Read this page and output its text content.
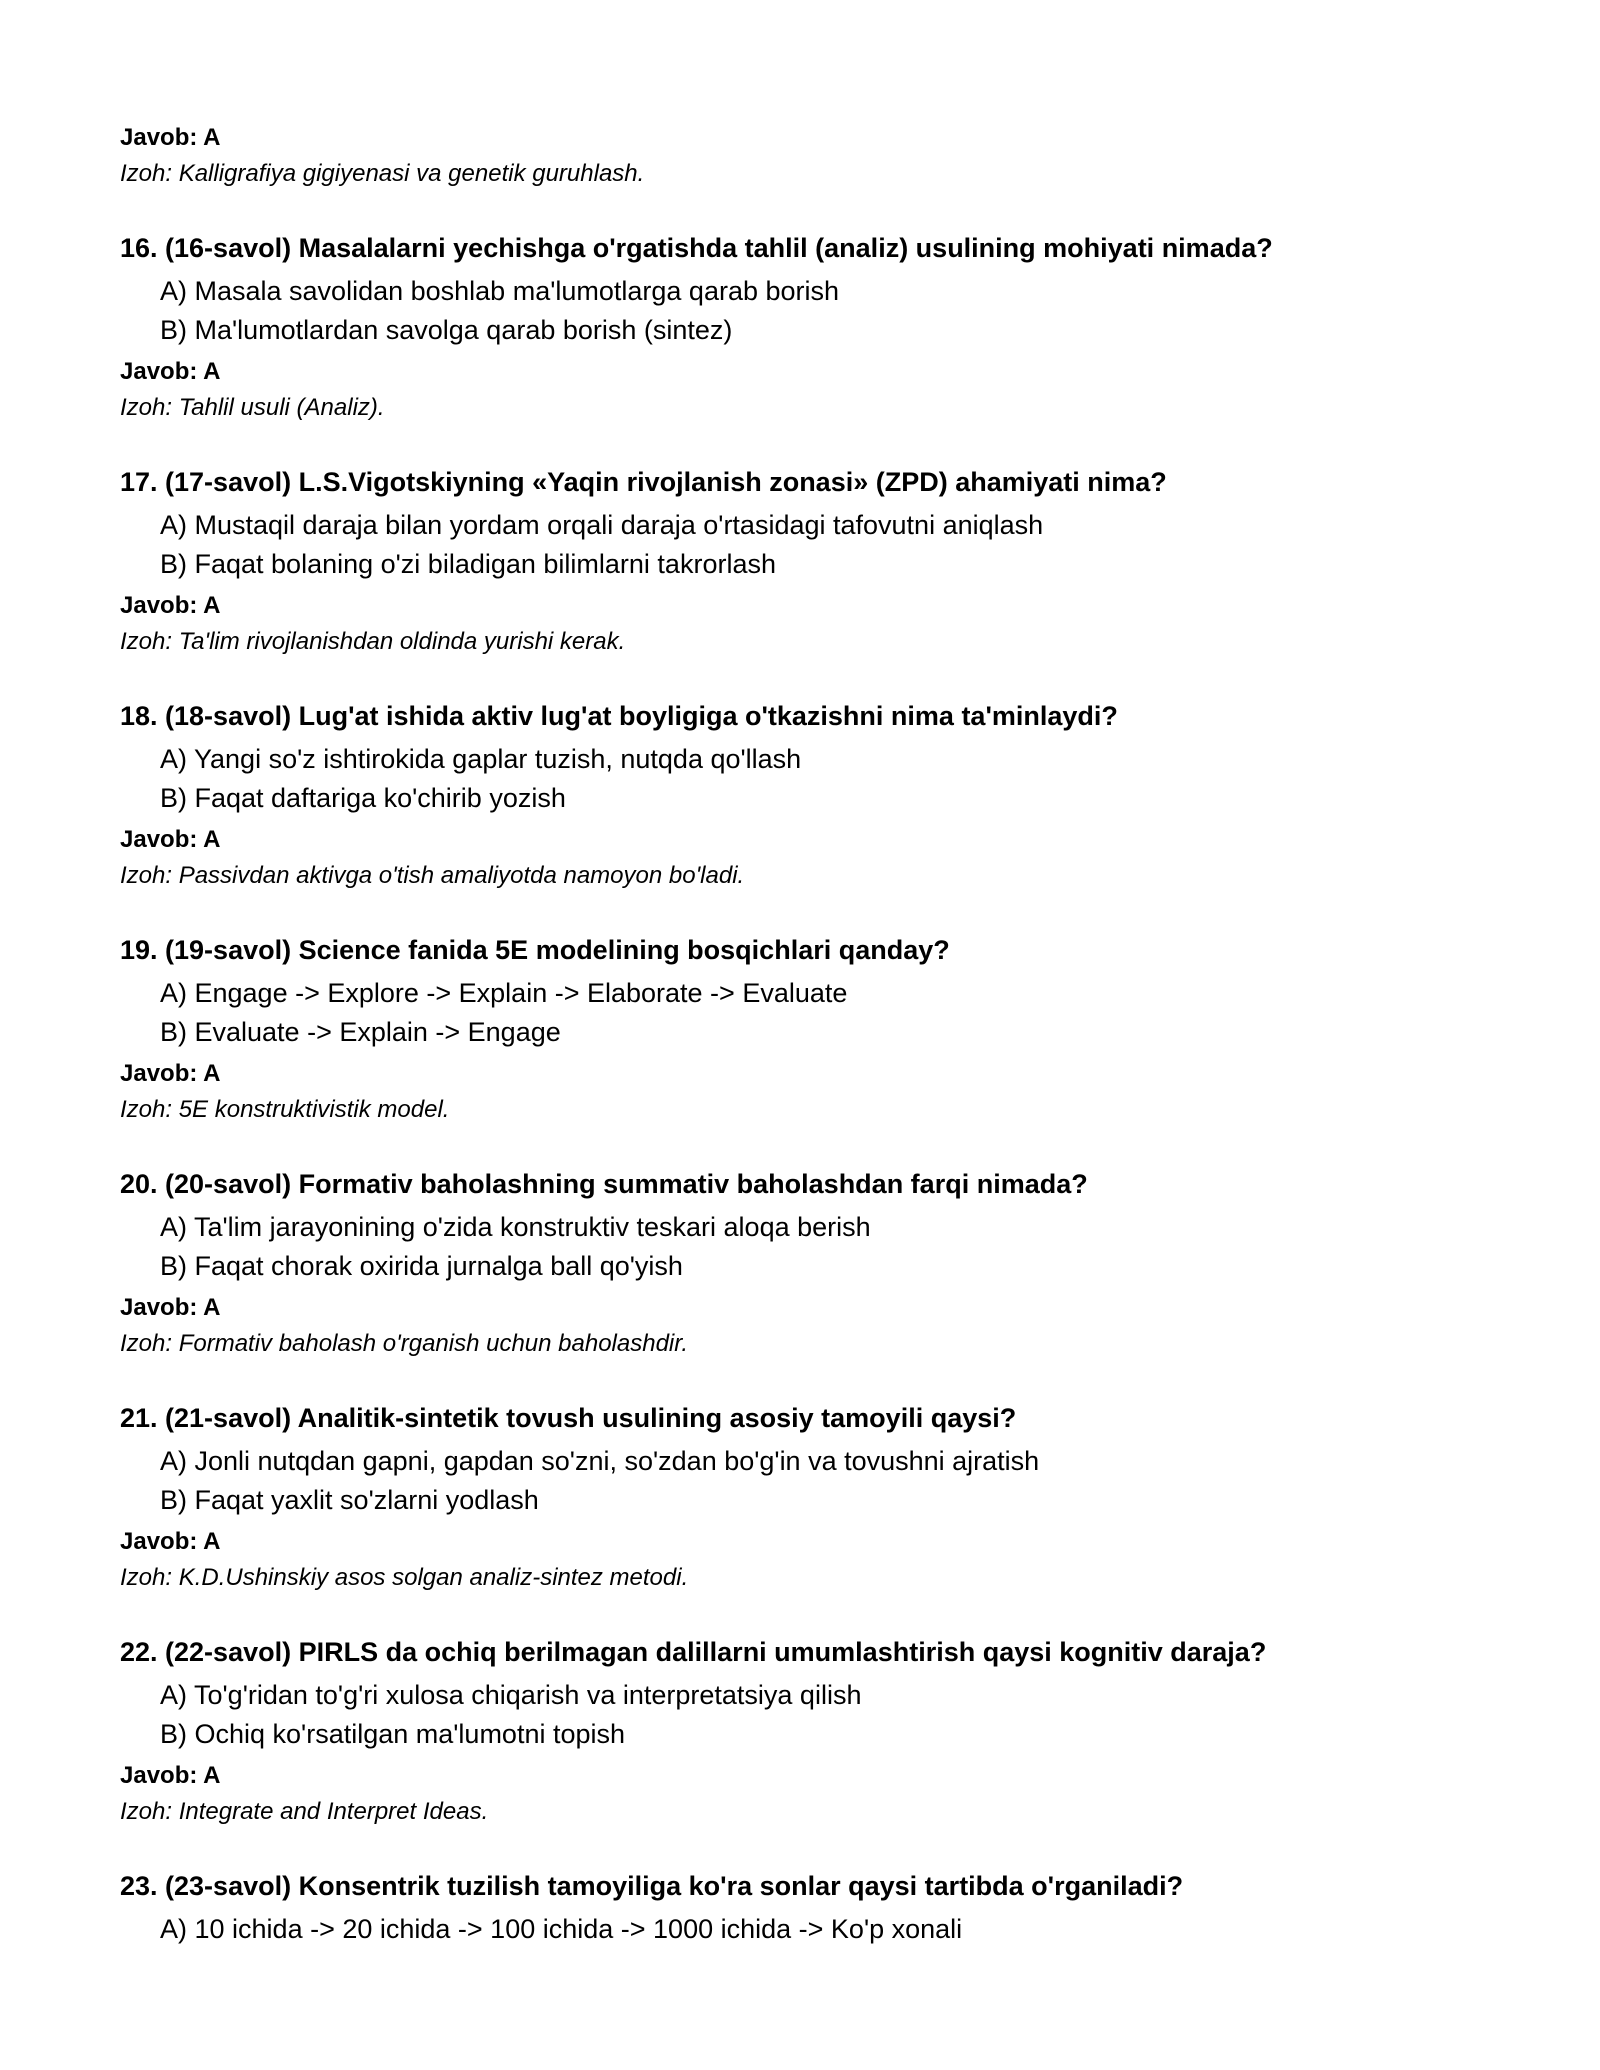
Javob: A

Izoh: Kalligrafiya gigiyenasi va genetik guruhlash.

16. (16-savol) Masalalarni yechishga o'rgatishda tahlil (analiz) usulining mohiyati nimada?

A) Masala savolidan boshlab ma'lumotlarga qarab borish

B) Ma'lumotlardan savolga qarab borish (sintez)

Javob: A

Izoh: Tahlil usuli (Analiz).

17. (17-savol) L.S.Vigotskiyning «Yaqin rivojlanish zonasi» (ZPD) ahamiyati nima?

A) Mustaqil daraja bilan yordam orqali daraja o'rtasidagi tafovutni aniqlash

B) Faqat bolaning o'zi biladigan bilimlarni takrorlash

Javob: A

Izoh: Ta'lim rivojlanishdan oldinda yurishi kerak.

18. (18-savol) Lug'at ishida aktiv lug'at boyligiga o'tkazishni nima ta'minlaydi?

A) Yangi so'z ishtirokida gaplar tuzish, nutqda qo'llash

B) Faqat daftariga ko'chirib yozish

Javob: A

Izoh: Passivdan aktivga o'tish amaliyotda namoyon bo'ladi.

19. (19-savol) Science fanida 5E modelining bosqichlari qanday?

A) Engage -> Explore -> Explain -> Elaborate -> Evaluate

B) Evaluate -> Explain -> Engage

Javob: A

Izoh: 5E konstruktivistik model.

20. (20-savol) Formativ baholashning summativ baholashdan farqi nimada?

A) Ta'lim jarayonining o'zida konstruktiv teskari aloqa berish

B) Faqat chorak oxirida jurnalga ball qo'yish

Javob: A

Izoh: Formativ baholash o'rganish uchun baholashdir.

21. (21-savol) Analitik-sintetik tovush usulining asosiy tamoyili qaysi?

A) Jonli nutqdan gapni, gapdan so'zni, so'zdan bo'g'in va tovushni ajratish

B) Faqat yaxlit so'zlarni yodlash

Javob: A

Izoh: K.D.Ushinskiy asos solgan analiz-sintez metodi.

22. (22-savol) PIRLS da ochiq berilmagan dalillarni umumlashtirish qaysi kognitiv daraja?

A) To'g'ridan to'g'ri xulosa chiqarish va interpretatsiya qilish

B) Ochiq ko'rsatilgan ma'lumotni topish

Javob: A

Izoh: Integrate and Interpret Ideas.

23. (23-savol) Konsentrik tuzilish tamoyiliga ko'ra sonlar qaysi tartibda o'rganiladi?

A) 10 ichida -> 20 ichida -> 100 ichida -> 1000 ichida -> Ko'p xonali
